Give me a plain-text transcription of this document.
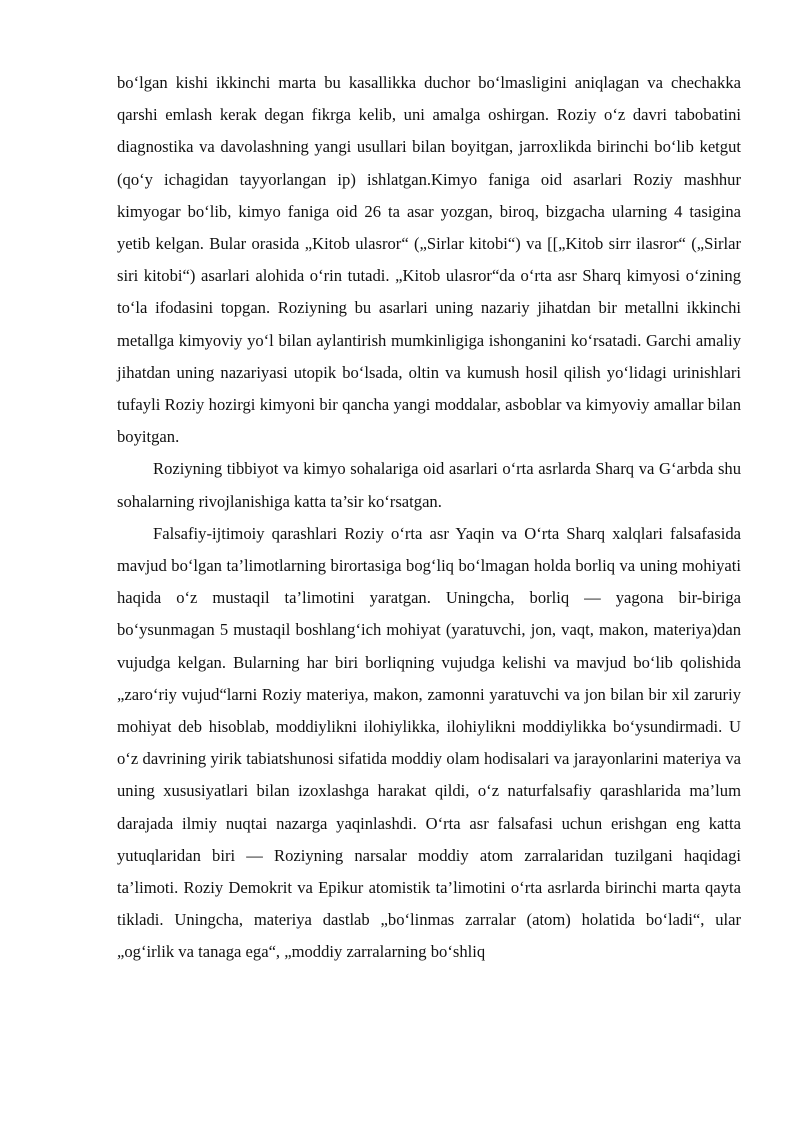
bo‘lgan kishi ikkinchi marta bu kasallikka duchor bo‘lmasligini aniqlagan va chechakka qarshi emlash kerak degan fikrga kelib, uni amalga oshirgan. Roziy o‘z davri tabobatini diagnostika va davolashning yangi usullari bilan boyitgan, jarroxlikda birinchi bo‘lib ketgut (qo‘y ichagidan tayyorlangan ip) ishlatgan.Kimyo faniga oid asarlari Roziy mashhur kimyogar bo‘lib, kimyo faniga oid 26 ta asar yozgan, biroq, bizgacha ularning 4 tasigina yetib kelgan. Bular orasida „Kitob ulasror“ („Sirlar kitobi“) va [[„Kitob sirr ilasror“ („Sirlar siri kitobi“) asarlari alohida o‘rin tutadi. „Kitob ulasror“da o‘rta asr Sharq kimyosi o‘zining to‘la ifodasini topgan. Roziyning bu asarlari uning nazariy jihatdan bir metallni ikkinchi metallga kimyoviy yo‘l bilan aylantirish mumkinligiga ishonganini ko‘rsatadi. Garchi amaliy jihatdan uning nazariyasi utopik bo‘lsada, oltin va kumush hosil qilish yo‘lidagi urinishlari tufayli Roziy hozirgi kimyoni bir qancha yangi moddalar, asboblar va kimyoviy amallar bilan boyitgan.

Roziyning tibbiyot va kimyo sohalariga oid asarlari o‘rta asrlarda Sharq va G‘arbda shu sohalarning rivojlanishiga katta ta’sir ko‘rsatgan.

Falsafiy-ijtimoiy qarashlari Roziy o‘rta asr Yaqin va O‘rta Sharq xalqlari falsafasida mavjud bo‘lgan ta’limotlarning birortasiga bog‘liq bo‘lmagan holda borliq va uning mohiyati haqida o‘z mustaqil ta’limotini yaratgan. Uningcha, borliq — yagona bir-biriga bo‘ysunmagan 5 mustaqil boshlang‘ich mohiyat (yaratuvchi, jon, vaqt, makon, materiya)dan vujudga kelgan. Bularning har biri borliqning vujudga kelishi va mavjud bo‘lib qolishida „zaro‘riy vujud“larni Roziy materiya, makon, zamonni yaratuvchi va jon bilan bir xil zaruriy mohiyat deb hisoblab, moddiylikni ilohiylikka, ilohiylikni moddiylikka bo‘ysundirmadi. U o‘z davrining yirik tabiatshunosi sifatida moddiy olam hodisalari va jarayonlarini materiya va uning xususiyatlari bilan izoxlashga harakat qildi, o‘z naturfalsafiy qarashlarida ma’lum darajada ilmiy nuqtai nazarga yaqinlashdi. O‘rta asr falsafasi uchun erishgan eng katta yutuqlaridan biri — Roziyning narsalar moddiy atom zarralaridan tuzilgani haqidagi ta’limoti. Roziy Demokrit va Epikur atomistik ta’limotini o‘rta asrlarda birinchi marta qayta tikladi. Uningcha, materiya dastlab „bo‘linmas zarralar (atom) holatida bo‘ladi“, ular „og‘irlik va tanaga ega“, „moddiy zarralarning bo‘shliq
